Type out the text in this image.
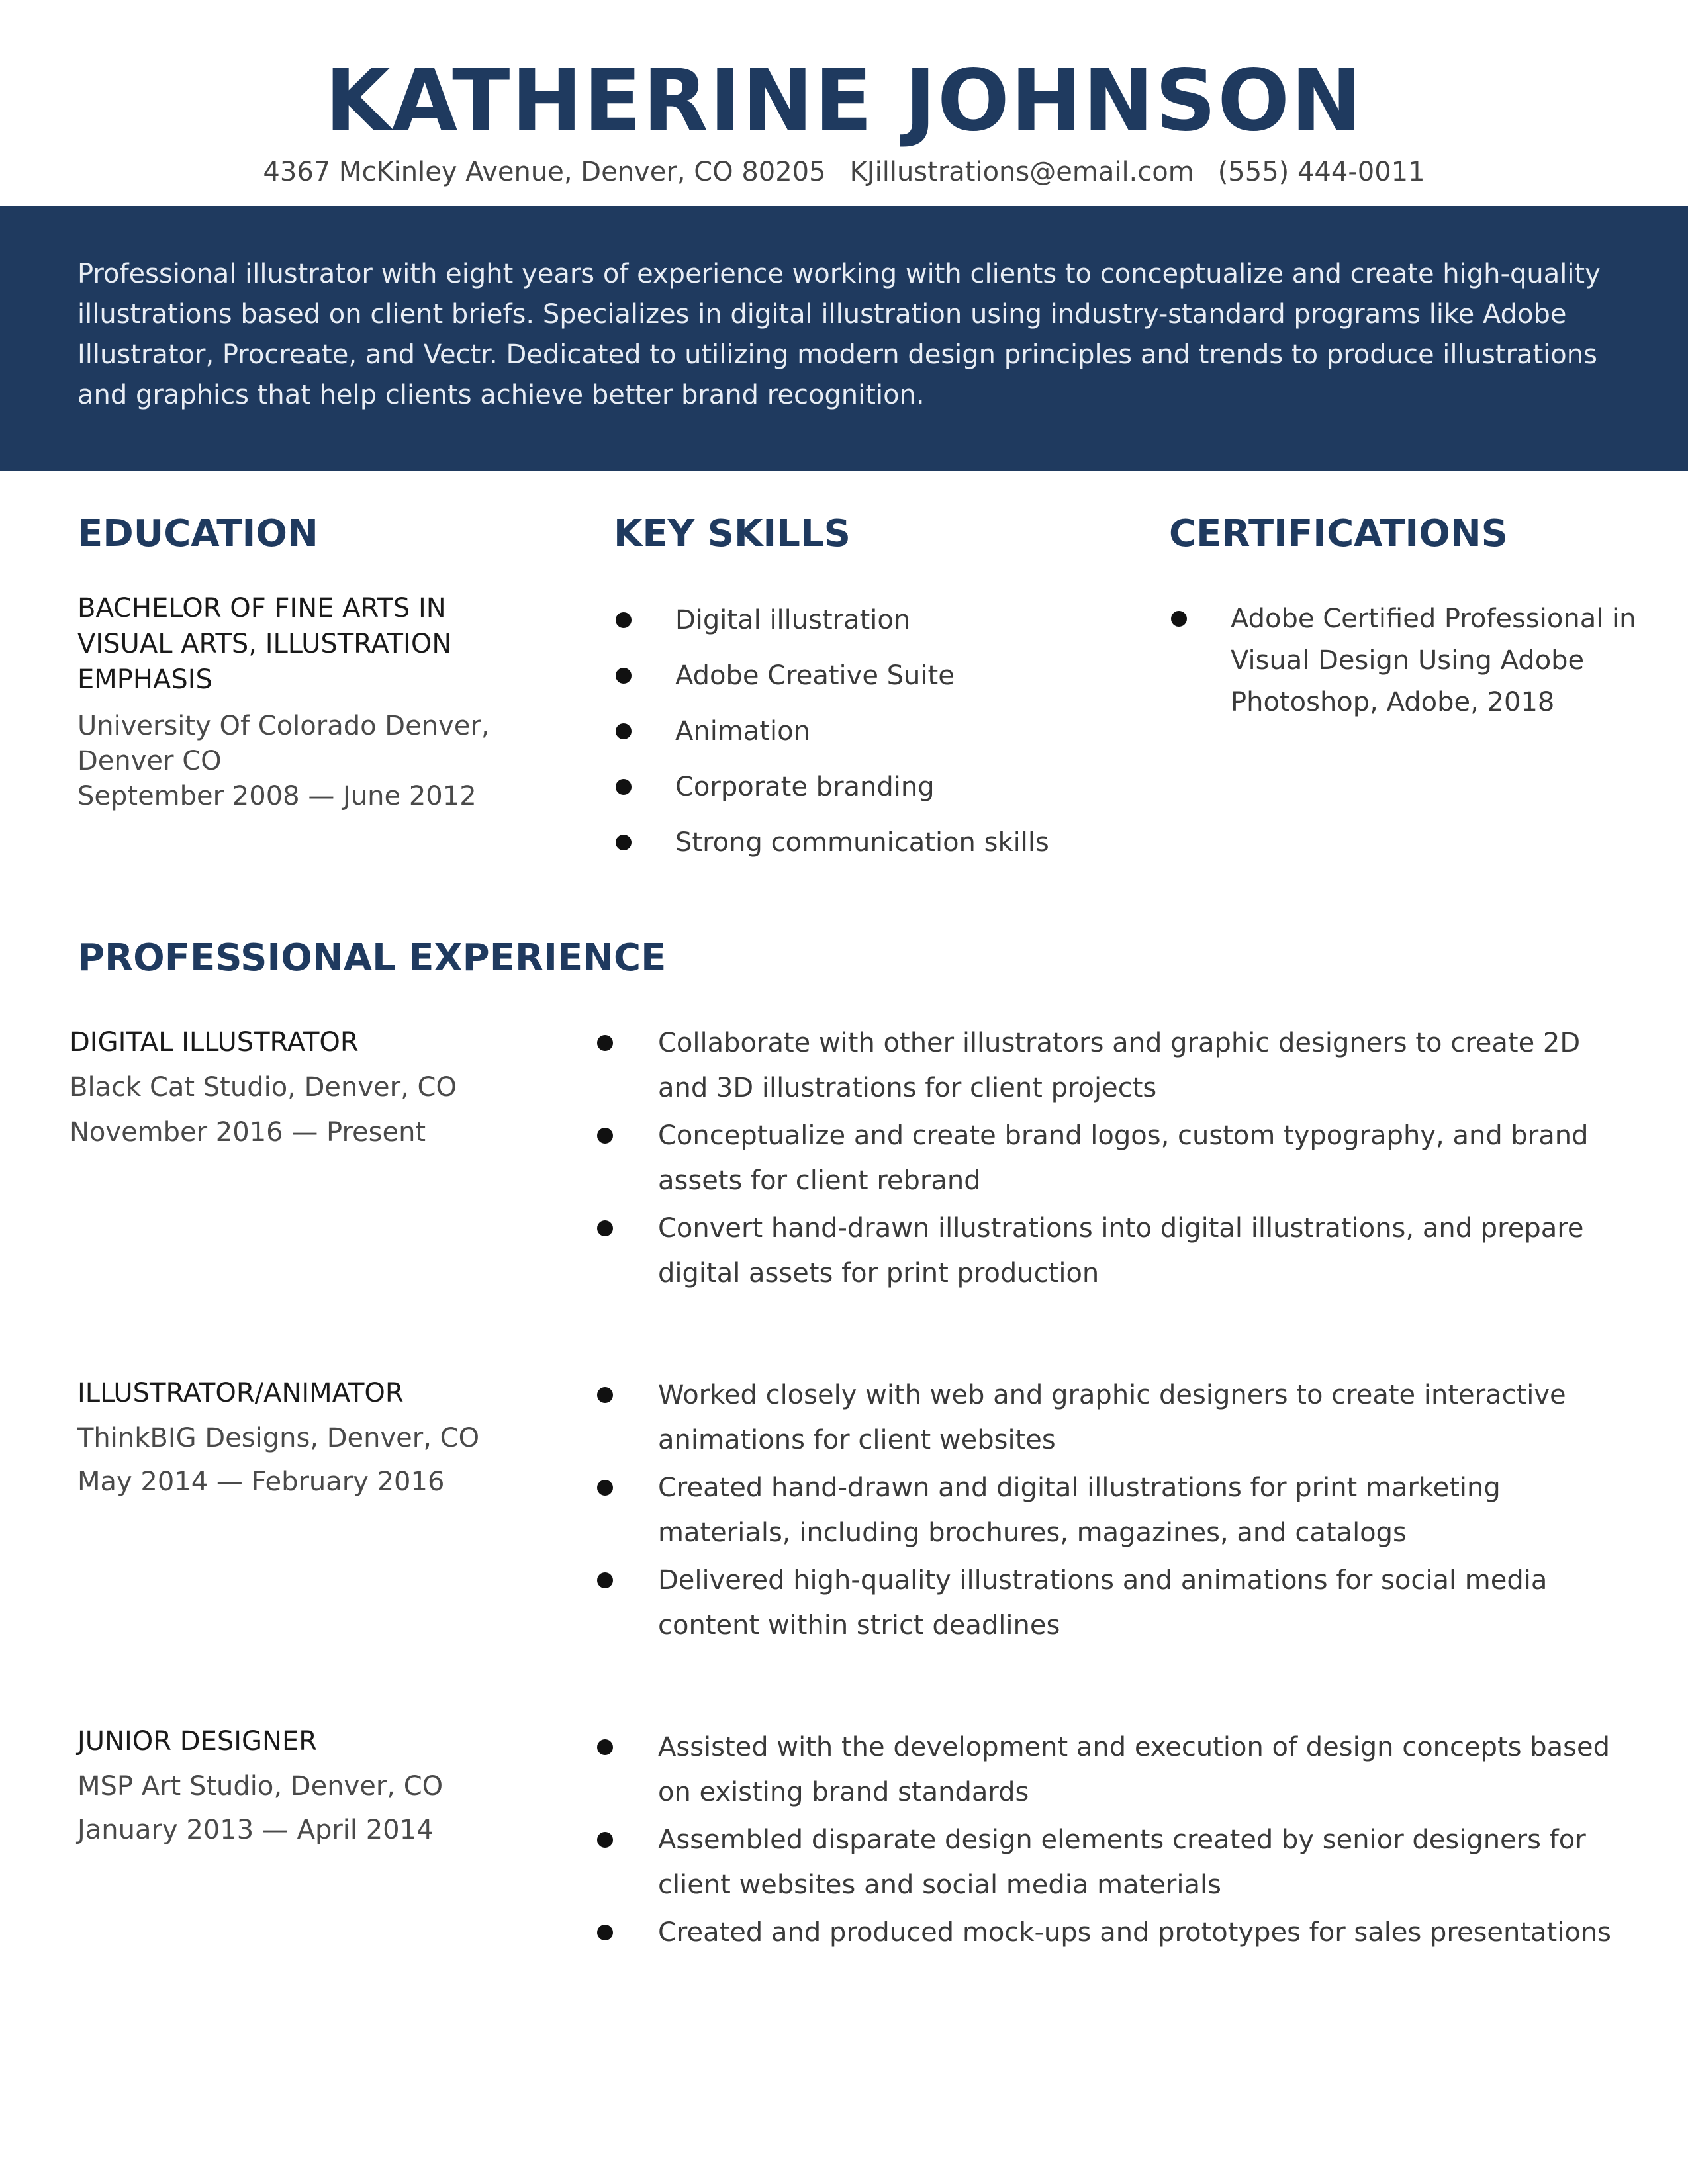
KATHERINE JOHNSON
4367 McKinley Avenue, Denver, CO 80205 KJillustrations@email.com (555) 444-0011
Professional illustrator with eight years of experience working with clients to conceptualize and create high-quality illustrations based on client briefs. Specializes in digital illustration using industry-standard programs like Adobe Illustrator, Procreate, and Vectr. Dedicated to utilizing modern design principles and trends to produce illustrations and graphics that help clients achieve better brand recognition.
EDUCATION
BACHELOR OF FINE ARTS IN VISUAL ARTS, ILLUSTRATION EMPHASIS
University Of Colorado Denver,
Denver CO
September 2008 — June 2012
KEY SKILLS
Digital illustration
Adobe Creative Suite
Animation
Corporate branding
Strong communication skills
CERTIFICATIONS
Adobe Certified Professional in Visual Design Using Adobe Photoshop, Adobe, 2018
PROFESSIONAL EXPERIENCE
DIGITAL ILLUSTRATOR
Black Cat Studio, Denver, CO
November 2016 — Present
Collaborate with other illustrators and graphic designers to create 2D and 3D illustrations for client projects
Conceptualize and create brand logos, custom typography, and brand assets for client rebrand
Convert hand-drawn illustrations into digital illustrations, and prepare digital assets for print production
ILLUSTRATOR/ANIMATOR
ThinkBIG Designs, Denver, CO
May 2014 — February 2016
Worked closely with web and graphic designers to create interactive animations for client websites
Created hand-drawn and digital illustrations for print marketing materials, including brochures, magazines, and catalogs
Delivered high-quality illustrations and animations for social media content within strict deadlines
JUNIOR DESIGNER
MSP Art Studio, Denver, CO
January 2013 — April 2014
Assisted with the development and execution of design concepts based on existing brand standards
Assembled disparate design elements created by senior designers for client websites and social media materials
Created and produced mock-ups and prototypes for sales presentations
